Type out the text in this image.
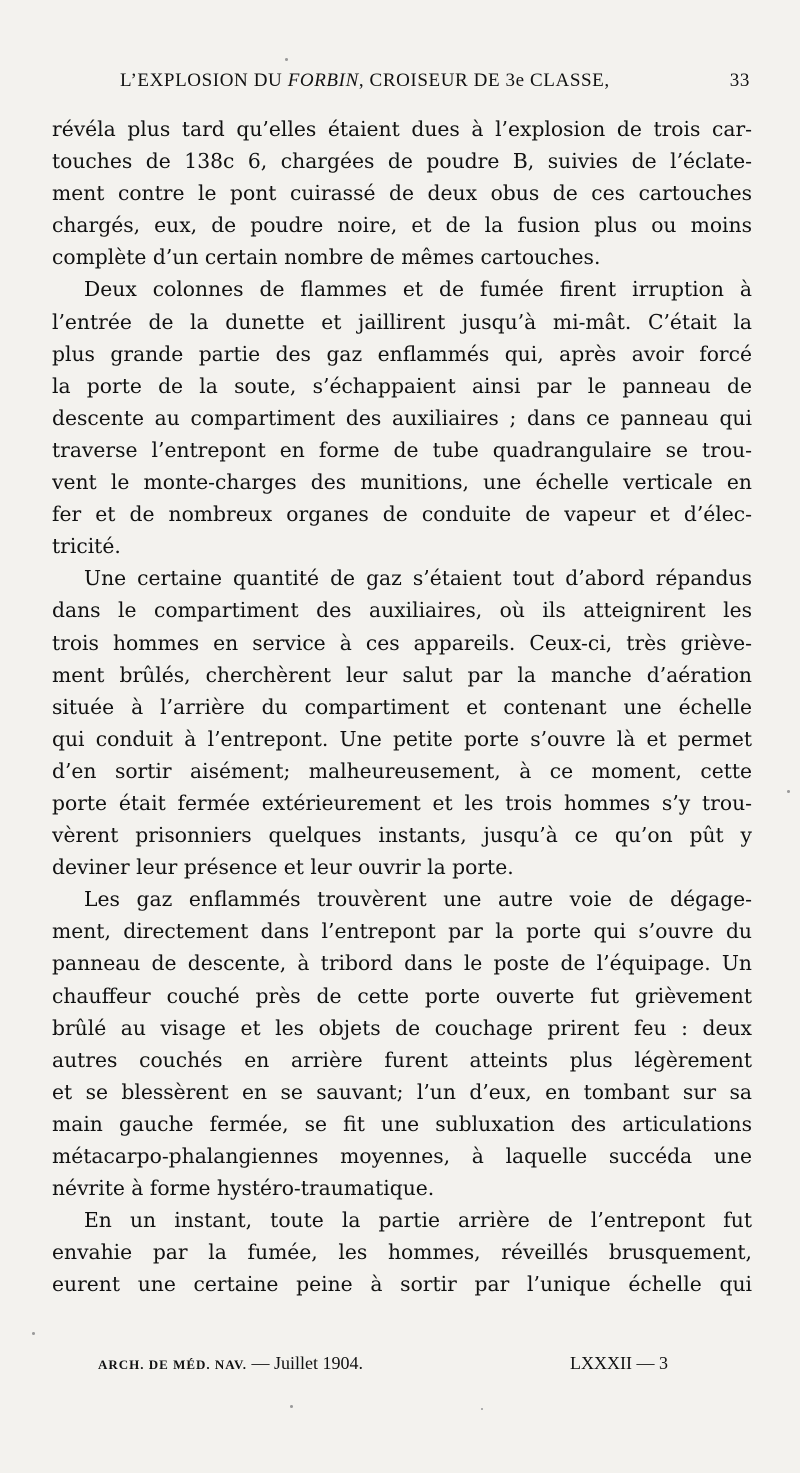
L’EXPLOSION DU FORBIN, CROISEUR DE 3e CLASSE,	33
révéla plus tard qu’elles étaient dues à l’explosion de trois car-
touches de 138c 6, chargées de poudre B, suivies de l’éclate-
ment contre le pont cuirassé de deux obus de ces cartouches
chargés, eux, de poudre noire, et de la fusion plus ou moins
complète d’un certain nombre de mêmes cartouches.
Deux colonnes de flammes et de fumée firent irruption à
l’entrée de la dunette et jaillirent jusqu’à mi-mât. C’était la
plus grande partie des gaz enflammés qui, après avoir forcé
la porte de la soute, s’échappaient ainsi par le panneau de
descente au compartiment des auxiliaires ; dans ce panneau qui
traverse l’entrepont en forme de tube quadrangulaire se trou-
vent le monte-charges des munitions, une échelle verticale en
fer et de nombreux organes de conduite de vapeur et d’élec-
tricité.
Une certaine quantité de gaz s’étaient tout d’abord répandus
dans le compartiment des auxiliaires, où ils atteignirent les
trois hommes en service à ces appareils. Ceux-ci, très grièvе-
ment brûlés, cherchèrent leur salut par la manche d’aération
située à l’arrière du compartiment et contenant une échelle
qui conduit à l’entrepont. Une petite porte s’ouvre là et permet
d’en sortir aisément; malheureusement, à ce moment, cette
porte était fermée extérieurement et les trois hommes s’y trou-
vèrent prisonniers quelques instants, jusqu’à ce qu’on pût y
deviner leur présence et leur ouvrir la porte.
Les gaz enflammés trouvèrent une autre voie de dégage-
ment, directement dans l’entrepont par la porte qui s’ouvre du
panneau de descente, à tribord dans le poste de l’équipage. Un
chauffeur couché près de cette porte ouverte fut grièvement
brûlé au visage et les objets de couchage prirent feu : deux
autres couchés en arrière furent atteints plus légèrement
et se blessèrent en se sauvant; l’un d’eux, en tombant sur sa
main gauche fermée, se fit une subluxation des articulations
métacarpo-phalangiennes moyennes, à laquelle succéda une
névrite à forme hystéro-traumatique.
En un instant, toute la partie arrière de l’entrepont fut
envahie par la fumée, les hommes, réveillés brusquement,
eurent une certaine peine à sortir par l’unique échelle qui
ARCH. DE MÉD. NAV. — Juillet 1904.	LXXXII — 3
